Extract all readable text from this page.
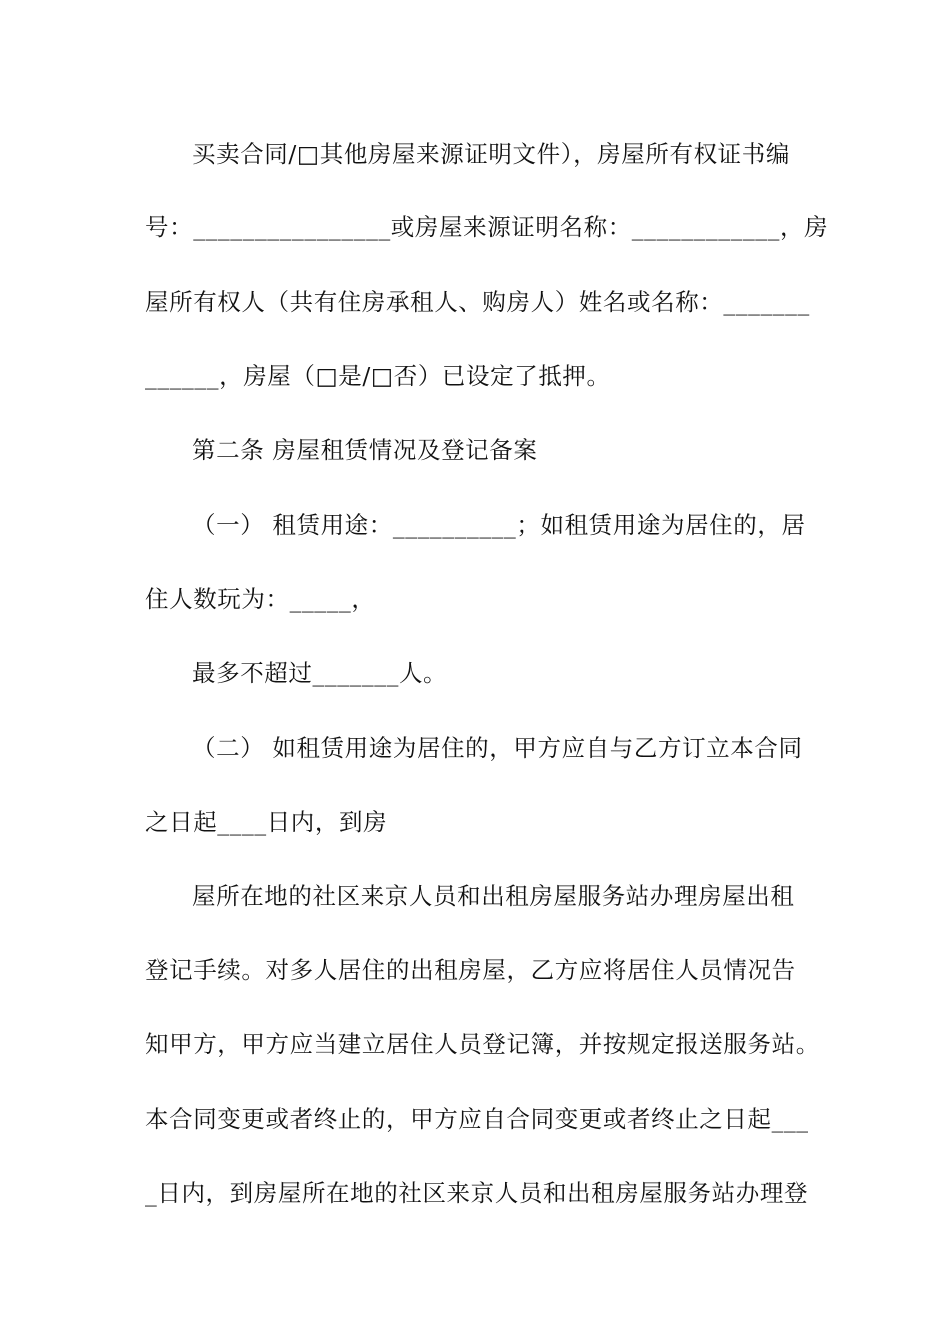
买卖合同/□其他房屋来源证明文件），房屋所有权证书编
号：________________或房屋来源证明名称：____________，房
屋所有权人（共有住房承租人、购房人）姓名或名称：_______
______，房屋（□是/□否）已设定了抵押。
第二条 房屋租赁情况及登记备案
（一） 租赁用途：__________；如租赁用途为居住的，居
住人数玩为：_____，
最多不超过_______人。
（二） 如租赁用途为居住的，甲方应自与乙方订立本合同
之日起____日内，到房
屋所在地的社区来京人员和出租房屋服务站办理房屋出租
登记手续。对多人居住的出租房屋，乙方应将居住人员情况告
知甲方，甲方应当建立居住人员登记簿，并按规定报送服务站。
本合同变更或者终止的，甲方应自合同变更或者终止之日起___
_日内，到房屋所在地的社区来京人员和出租房屋服务站办理登
